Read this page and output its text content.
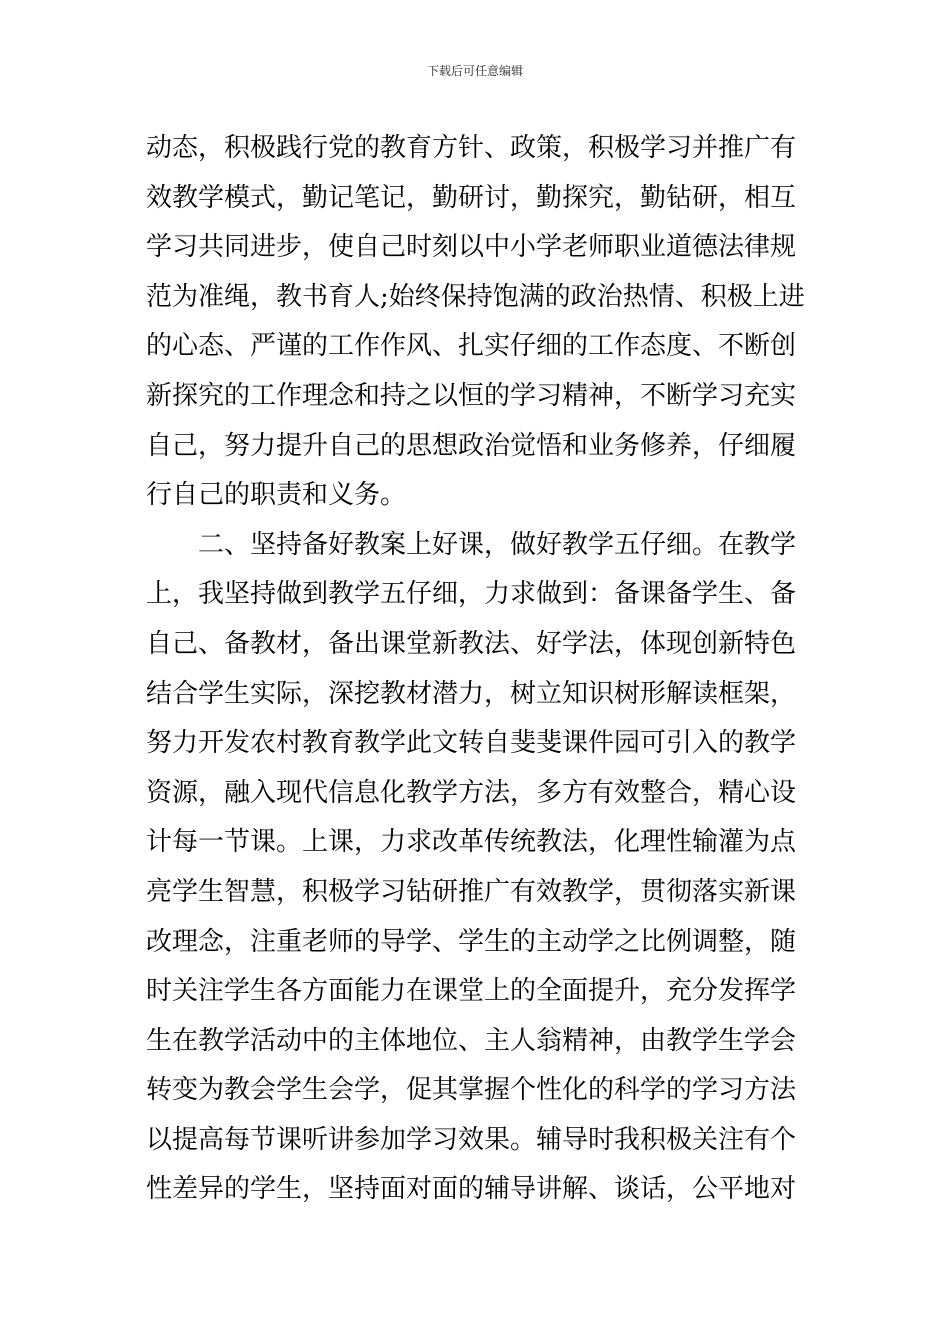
下载后可任意编辑
动态，积极践行党的教育方针、政策，积极学习并推广有
效教学模式，勤记笔记，勤研讨，勤探究，勤钻研，相互
学习共同进步，使自己时刻以中小学老师职业道德法律规
范为准绳，教书育人;始终保持饱满的政治热情、积极上进
的心态、严谨的工作作风、扎实仔细的工作态度、不断创
新探究的工作理念和持之以恒的学习精神，不断学习充实
自己，努力提升自己的思想政治觉悟和业务修养，仔细履
行自己的职责和义务。
二、坚持备好教案上好课，做好教学五仔细。在教学
上，我坚持做到教学五仔细，力求做到：备课备学生、备
自己、备教材，备出课堂新教法、好学法，体现创新特色
结合学生实际，深挖教材潜力，树立知识树形解读框架，
努力开发农村教育教学此文转自斐斐课件园可引入的教学
资源，融入现代信息化教学方法，多方有效整合，精心设
计每一节课。上课，力求改革传统教法，化理性输灌为点
亮学生智慧，积极学习钻研推广有效教学，贯彻落实新课
改理念，注重老师的导学、学生的主动学之比例调整，随
时关注学生各方面能力在课堂上的全面提升，充分发挥学
生在教学活动中的主体地位、主人翁精神，由教学生学会
转变为教会学生会学，促其掌握个性化的科学的学习方法
以提高每节课听讲参加学习效果。辅导时我积极关注有个
性差异的学生，坚持面对面的辅导讲解、谈话，公平地对
